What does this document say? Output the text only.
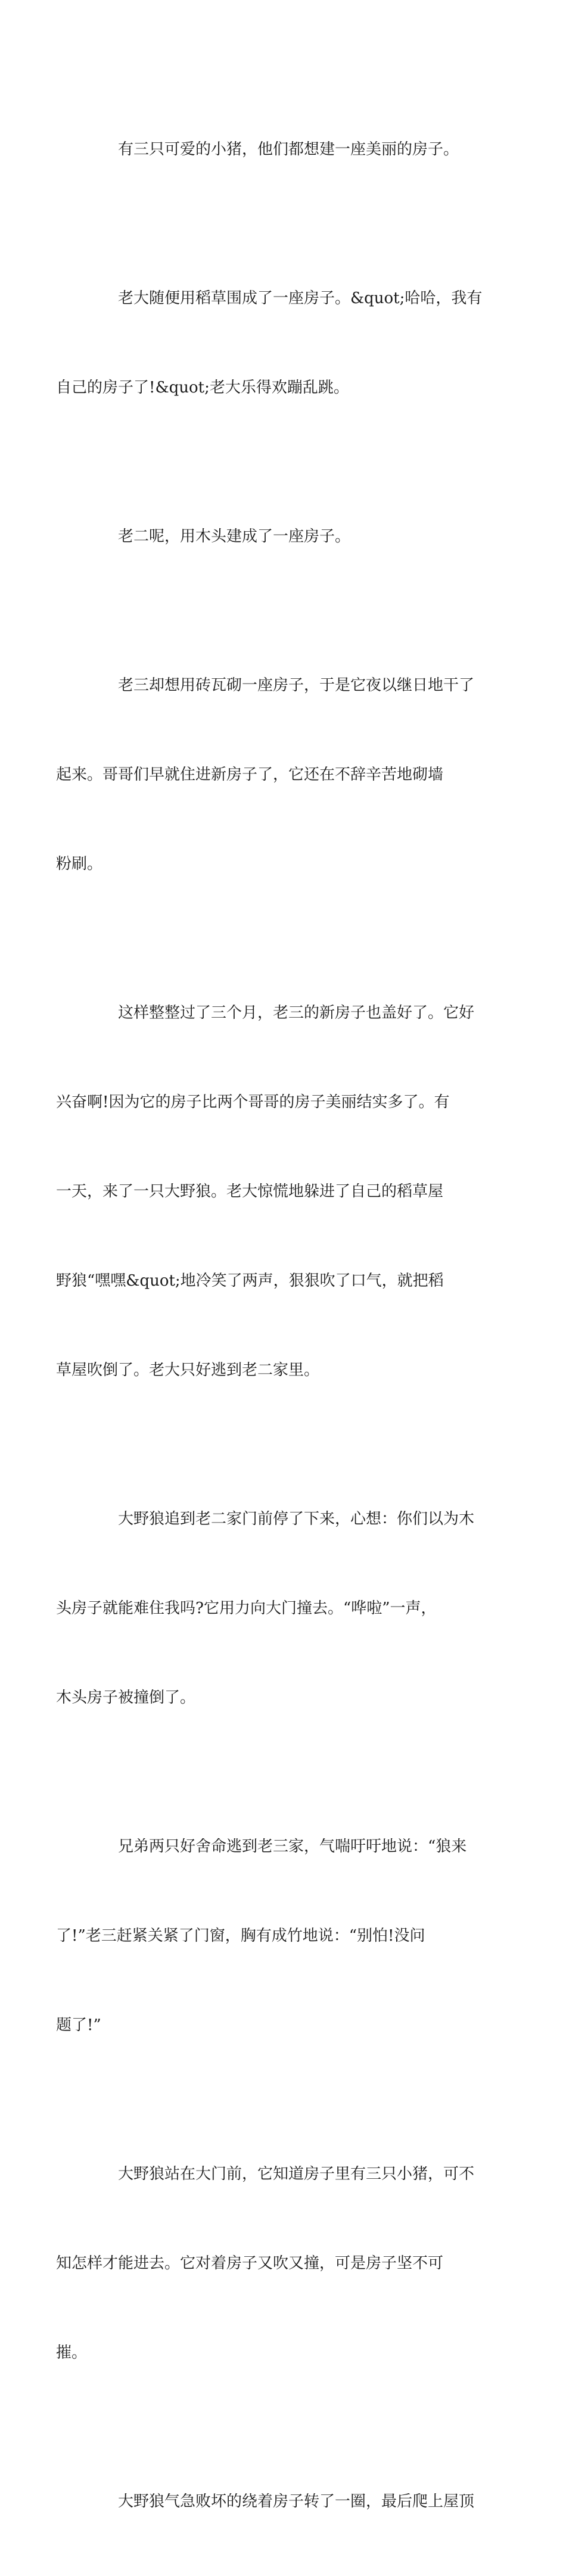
有三只可爱的小猪，他们都想建一座美丽的房子。

老大随便用稻草围成了一座房子。&quot;哈哈，我有

自己的房子了!&quot;老大乐得欢蹦乱跳。

老二呢，用木头建成了一座房子。

老三却想用砖瓦砌一座房子，于是它夜以继日地干了

起来。哥哥们早就住进新房子了，它还在不辞辛苦地砌墙

粉刷。

这样整整过了三个月，老三的新房子也盖好了。它好

兴奋啊!因为它的房子比两个哥哥的房子美丽结实多了。有

一天，来了一只大野狼。老大惊慌地躲进了自己的稻草屋

野狼“嘿嘿&quot;地冷笑了两声，狠狠吹了口气，就把稻

草屋吹倒了。老大只好逃到老二家里。

大野狼追到老二家门前停了下来，心想：你们以为木

头房子就能难住我吗?它用力向大门撞去。“哗啦”一声，

木头房子被撞倒了。

兄弟两只好舍命逃到老三家，气喘吁吁地说：“狼来

了!”老三赶紧关紧了门窗，胸有成竹地说：“别怕!没问

题了!”

大野狼站在大门前，它知道房子里有三只小猪，可不

知怎样才能进去。它对着房子又吹又撞，可是房子坚不可

摧。

大野狼气急败坏的绕着房子转了一圈，最后爬上屋顶
